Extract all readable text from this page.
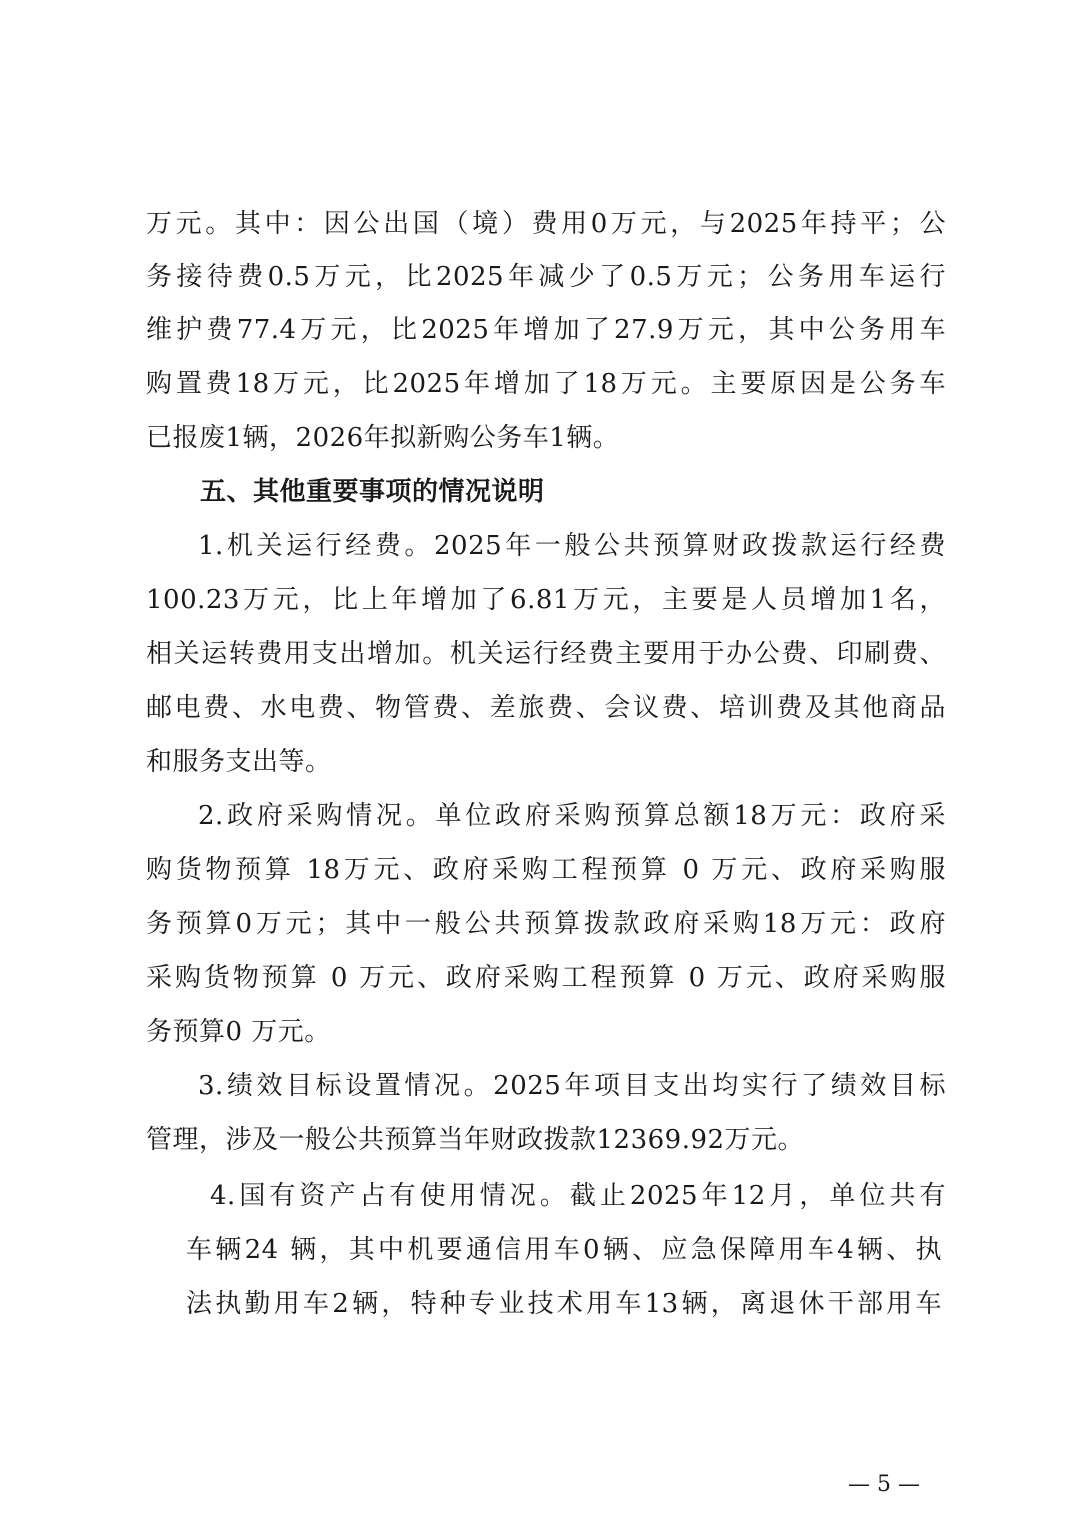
万元。其中：因公出国（境）费用0万元，与2025年持平；公
务接待费0.5万元，比2025年减少了0.5万元；公务用车运行
维护费77.4万元，比2025年增加了27.9万元，其中公务用车
购置费18万元，比2025年增加了18万元。主要原因是公务车
已报废1辆，2026年拟新购公务车1辆。
五、其他重要事项的情况说明
1.机关运行经费。2025年一般公共预算财政拨款运行经费
100.23万元，比上年增加了6.81万元，主要是人员增加1名，
相关运转费用支出增加。机关运行经费主要用于办公费、印刷费、
邮电费、水电费、物管费、差旅费、会议费、培训费及其他商品
和服务支出等。
2.政府采购情况。单位政府采购预算总额18万元：政府采
购货物预算 18万元、政府采购工程预算 0 万元、政府采购服
务预算0万元；其中一般公共预算拨款政府采购18万元：政府
采购货物预算 0 万元、政府采购工程预算 0 万元、政府采购服
务预算0 万元。
3.绩效目标设置情况。2025年项目支出均实行了绩效目标
管理，涉及一般公共预算当年财政拨款12369.92万元。
4.国有资产占有使用情况。截止2025年12月，单位共有
车辆24 辆，其中机要通信用车0辆、应急保障用车4辆、执
法执勤用车2辆，特种专业技术用车13辆，离退休干部用车
— 5 —
